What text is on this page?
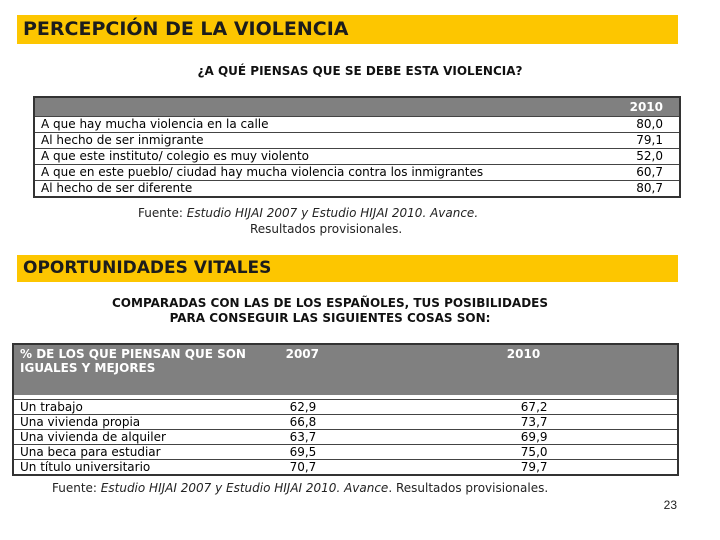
PERCEPCIÓN DE LA VIOLENCIA
¿A QUÉ PIENSAS QUE SE DEBE ESTA VIOLENCIA?
	2010
A que hay mucha violencia en la calle	80,0
Al hecho de ser inmigrante	79,1
A que este instituto/ colegio es muy violento	52,0
A que en este pueblo/ ciudad hay mucha violencia contra los inmigrantes	60,7
Al hecho de ser diferente	80,7
Fuente: Estudio HIJAI 2007 y Estudio HIJAI 2010. Avance.
Resultados provisionales.
OPORTUNIDADES VITALES
COMPARADAS CON LAS DE LOS ESPAÑOLES, TUS POSIBILIDADES
PARA CONSEGUIR LAS SIGUIENTES COSAS SON:
% DE LOS QUE PIENSAN QUE SON IGUALES Y MEJORES	2007	2010

Un trabajo	62,9	67,2
Una vivienda propia	66,8	73,7
Una vivienda de alquiler	63,7	69,9
Una beca para estudiar	69,5	75,0
Un título universitario	70,7	79,7
Fuente: Estudio HIJAI 2007 y Estudio HIJAI 2010. Avance. Resultados provisionales.
23
